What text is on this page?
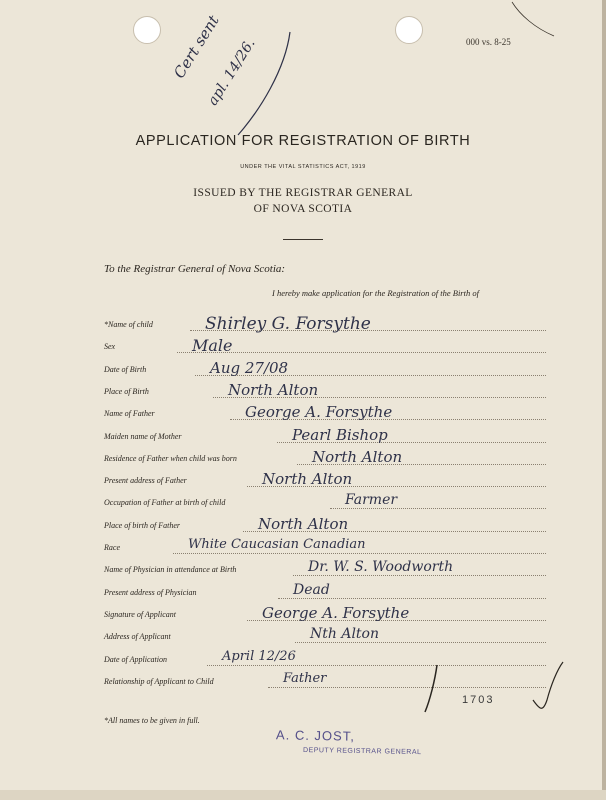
000 vs. 8-25
Cert sent
apl. 14/26.
APPLICATION FOR REGISTRATION OF BIRTH
UNDER THE VITAL STATISTICS ACT, 1919
ISSUED BY THE REGISTRAR GENERAL
OF NOVA SCOTIA
To the Registrar General of Nova Scotia:
I hereby make application for the Registration of the Birth of
*Name of child	Shirley G. Forsythe
Sex	Male
Date of Birth	Aug 27/08
Place of Birth	North Alton
Name of Father	George A. Forsythe
Maiden name of Mother	Pearl Bishop
Residence of Father when child was born	North Alton
Present address of Father	North Alton
Occupation of Father at birth of child	Farmer
Place of birth of Father	North Alton
Race	White Caucasian Canadian
Name of Physician in attendance at Birth	Dr. W. S. Woodworth
Present address of Physician	Dead
Signature of Applicant	George A. Forsythe
Address of Applicant	Nth Alton
Date of Application	April 12/26
Relationship of Applicant to Child	Father
*All names to be given in full.
1703
A. C. JOST,
DEPUTY REGISTRAR GENERAL
